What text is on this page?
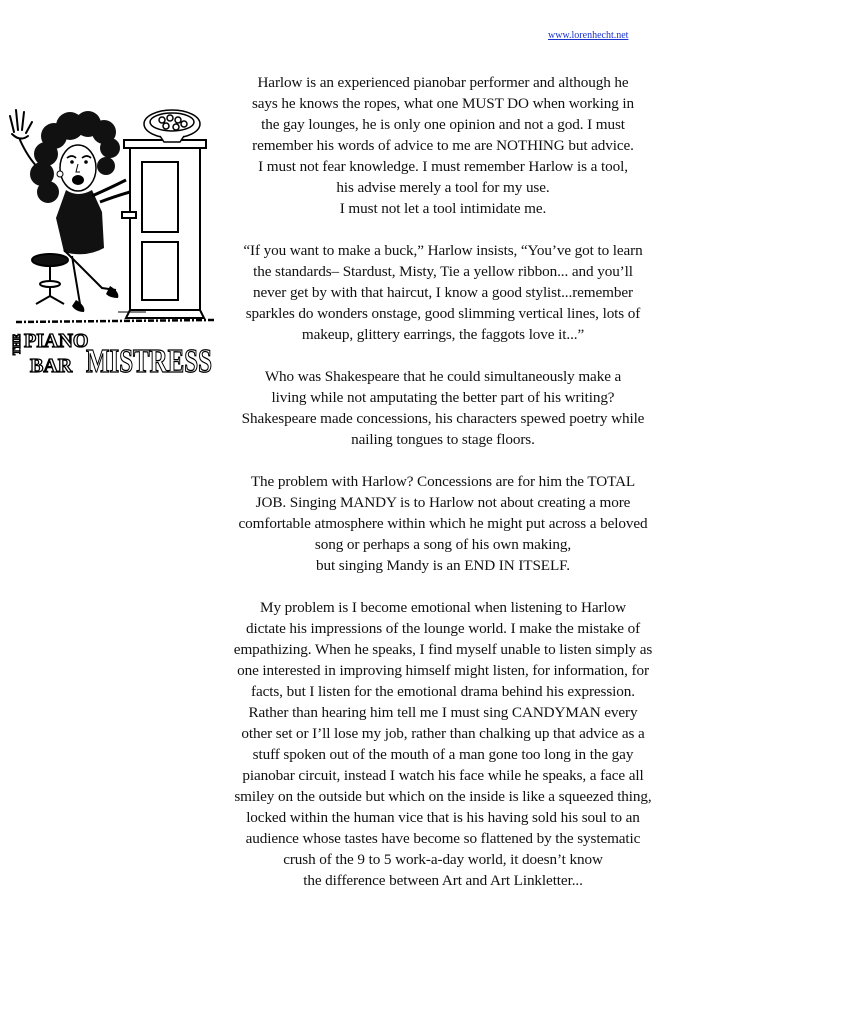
www.lorenhecht.net
THE PIANO
BAR MISTRESS

Harlow is an experienced pianobar performer and although he
says he knows the ropes, what one MUST DO when working in
the gay lounges, he is only one opinion and not a god. I must
remember his words of advice to me are NOTHING but advice.
I must not fear knowledge. I must remember Harlow is a tool,
his advise merely a tool for my use.
I must not let a tool intimidate me.

“If you want to make a buck,” Harlow insists, “You’ve got to learn
the standards– Stardust, Misty, Tie a yellow ribbon... and you’ll
never get by with that haircut, I know a good stylist...remember
sparkles do wonders onstage, good slimming vertical lines, lots of
makeup, glittery earrings, the faggots love it...”

Who was Shakespeare that he could simultaneously make a
living while not amputating the better part of his writing?
Shakespeare made concessions, his characters spewed poetry while
nailing tongues to stage floors.

The problem with Harlow? Concessions are for him the TOTAL
JOB. Singing MANDY is to Harlow not about creating a more
comfortable atmosphere within which he might put across a beloved
song or perhaps a song of his own making,
but singing Mandy is an END IN ITSELF.

My problem is I become emotional when listening to Harlow
dictate his impressions of the lounge world. I make the mistake of
empathizing. When he speaks, I find myself unable to listen simply as
one interested in improving himself might listen, for information, for
facts, but I listen for the emotional drama behind his expression.
Rather than hearing him tell me I must sing CANDYMAN every
other set or I’ll lose my job, rather than chalking up that advice as a
stuff spoken out of the mouth of a man gone too long in the gay
pianobar circuit, instead I watch his face while he speaks, a face all
smiley on the outside but which on the inside is like a squeezed thing,
locked within the human vice that is his having sold his soul to an
audience whose tastes have become so flattened by the systematic
crush of the 9 to 5 work-a-day world, it doesn’t know
the difference between Art and Art Linkletter...
